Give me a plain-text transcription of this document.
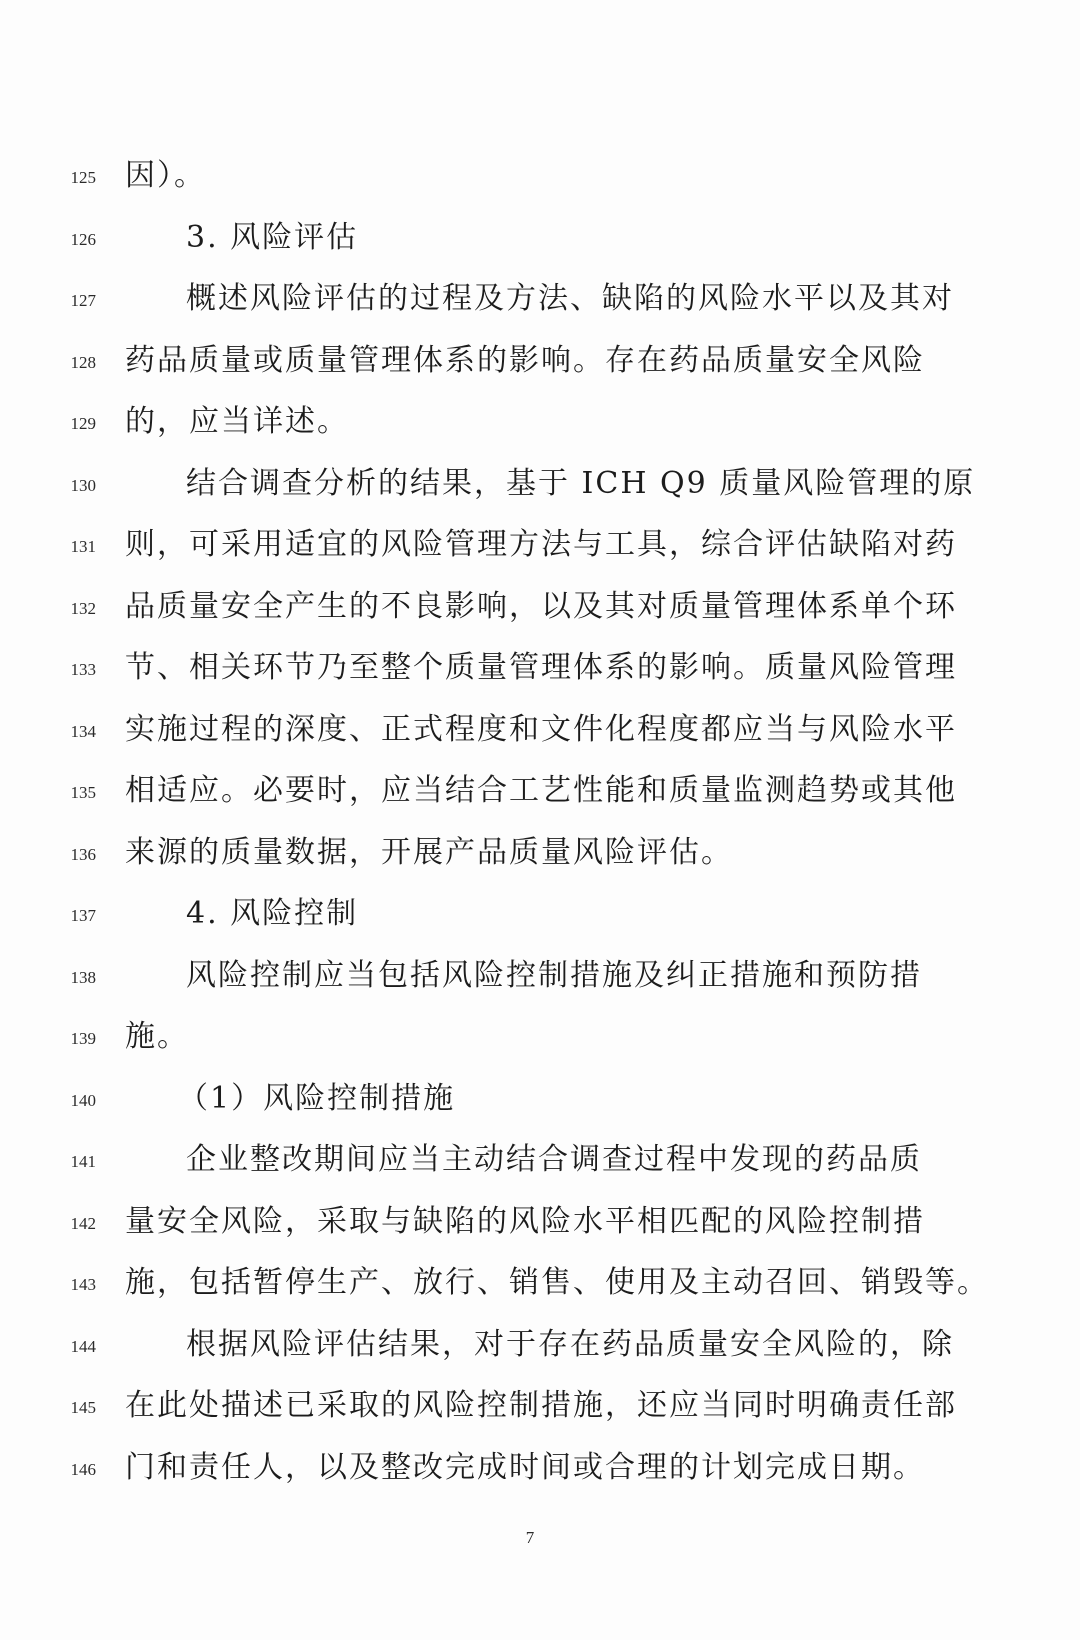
125 因）。
126	3. 风险评估
127	概述风险评估的过程及方法、缺陷的风险水平以及其对
128 药品质量或质量管理体系的影响。存在药品质量安全风险
129 的，应当详述。
130	结合调查分析的结果，基于 ICH Q9 质量风险管理的原
131 则，可采用适宜的风险管理方法与工具，综合评估缺陷对药
132 品质量安全产生的不良影响，以及其对质量管理体系单个环
133 节、相关环节乃至整个质量管理体系的影响。质量风险管理
134 实施过程的深度、正式程度和文件化程度都应当与风险水平
135 相适应。必要时，应当结合工艺性能和质量监测趋势或其他
136 来源的质量数据，开展产品质量风险评估。
137	4. 风险控制
138	风险控制应当包括风险控制措施及纠正措施和预防措
139 施。
140	（1）风险控制措施
141	企业整改期间应当主动结合调查过程中发现的药品质
142 量安全风险，采取与缺陷的风险水平相匹配的风险控制措
143 施，包括暂停生产、放行、销售、使用及主动召回、销毁等。
144	根据风险评估结果，对于存在药品质量安全风险的，除
145 在此处描述已采取的风险控制措施，还应当同时明确责任部
146 门和责任人，以及整改完成时间或合理的计划完成日期。
7
